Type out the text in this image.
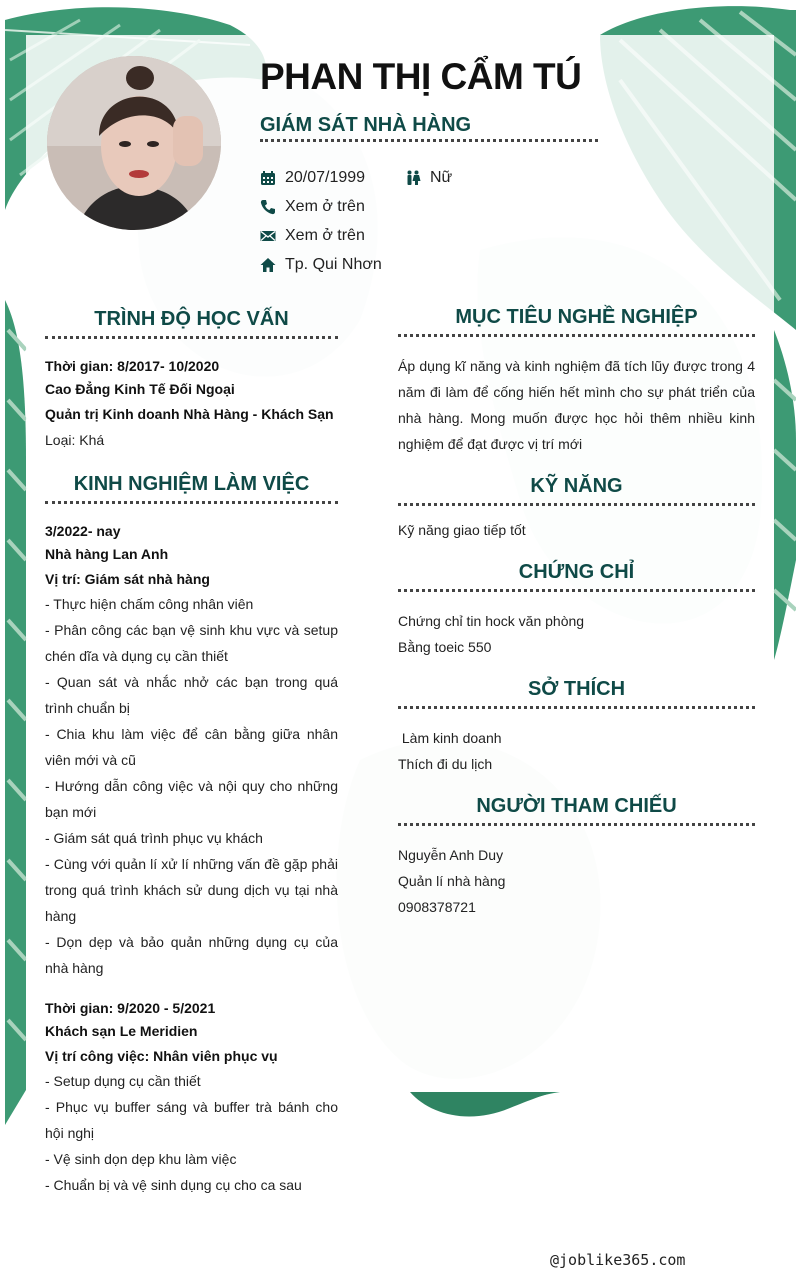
PHAN THỊ CẨM TÚ
GIÁM SÁT NHÀ HÀNG
20/07/1999	Nữ
Xem ở trên
Xem ở trên
Tp. Qui Nhơn
TRÌNH ĐỘ HỌC VẤN
Thời gian: 8/2017- 10/2020
Cao Đẳng Kinh Tế Đối Ngoại
Quản trị Kinh doanh Nhà Hàng - Khách Sạn
Loại: Khá
KINH NGHIỆM LÀM VIỆC
3/2022- nay
Nhà hàng Lan Anh
Vị trí: Giám sát nhà hàng
- Thực hiện chấm công nhân viên
- Phân công các bạn vệ sinh khu vực và setup chén dĩa và dụng cụ cần thiết
- Quan sát và nhắc nhở các bạn trong quá trình chuẩn bị
- Chia khu làm việc để cân bằng giữa nhân viên mới và cũ
- Hướng dẫn công việc và nội quy cho những bạn mới
- Giám sát quá trình phục vụ khách
- Cùng với quản lí xử lí những vấn đề gặp phải trong quá trình khách sử dung dịch vụ tại nhà hàng
- Dọn dẹp và bảo quản những dụng cụ của nhà hàng
Thời gian: 9/2020 - 5/2021
Khách sạn Le Meridien
Vị trí công việc: Nhân viên phục vụ
- Setup dụng cụ cần thiết
- Phục vụ buffer sáng và buffer trà bánh cho hội nghị
- Vệ sinh dọn dẹp khu làm việc
- Chuẩn bị và vệ sinh dụng cụ cho ca sau
MỤC TIÊU NGHỀ NGHIỆP
Áp dụng kĩ năng và kinh nghiệm đã tích lũy được trong 4 năm đi làm để cống hiến hết mình cho sự phát triển của nhà hàng. Mong muốn được học hỏi thêm nhiều kinh nghiệm để đạt được vị trí mới
KỸ NĂNG
Kỹ năng giao tiếp tốt
CHỨNG CHỈ
Chứng chỉ tin hock văn phòng
Bằng toeic 550
SỞ THÍCH
Làm kinh doanh
Thích đi du lịch
NGƯỜI THAM CHIẾU
Nguyễn Anh Duy
Quản lí nhà hàng
0908378721
@joblike365.com
